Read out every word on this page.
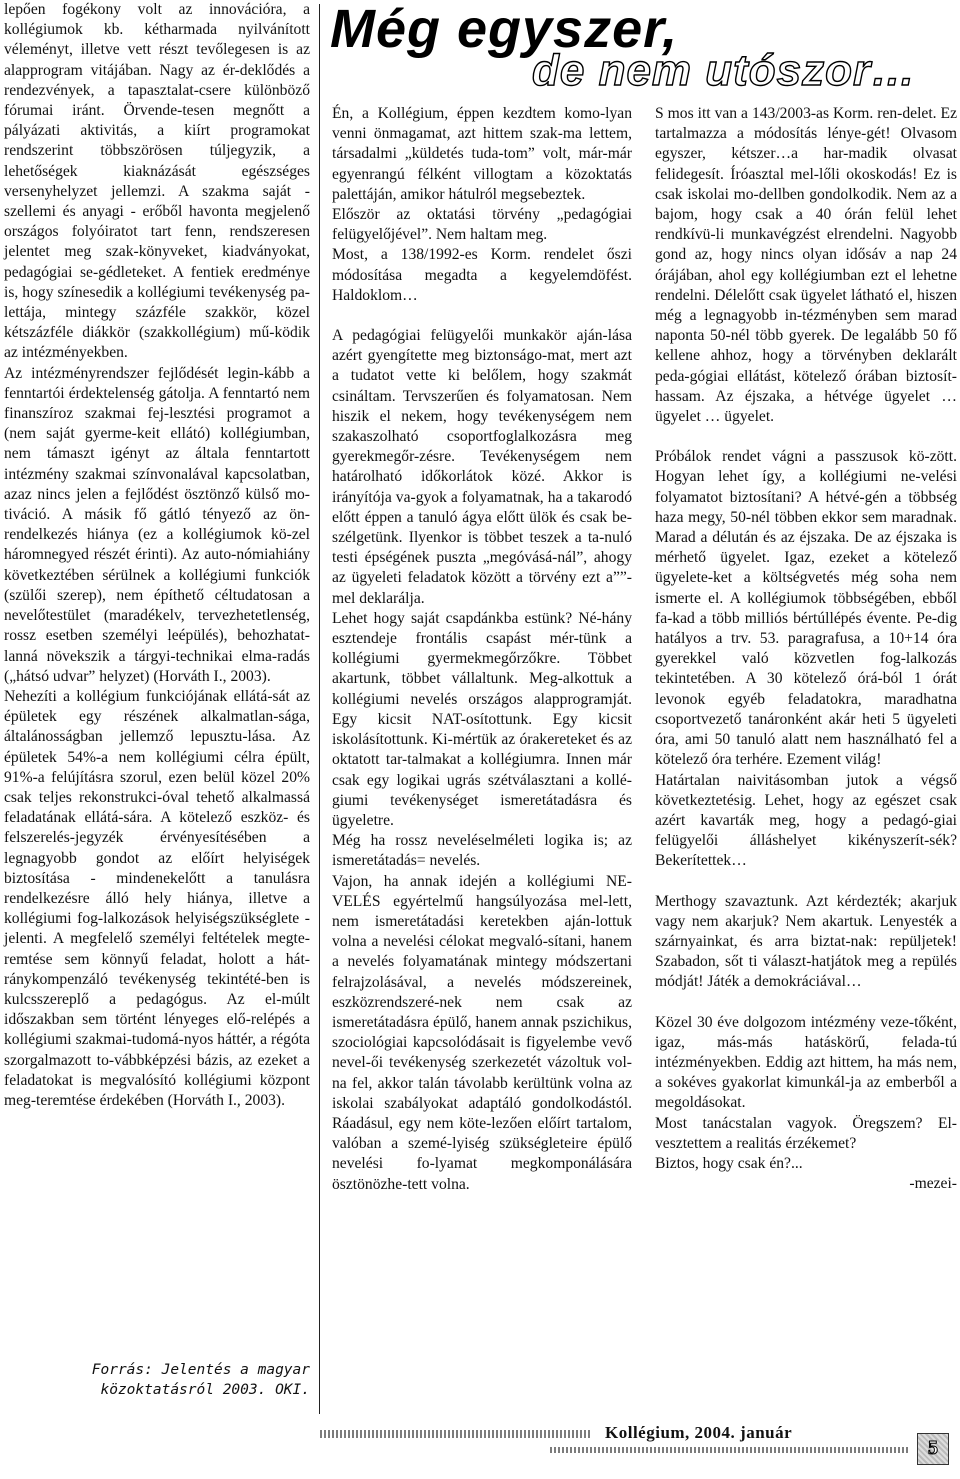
lepően fogékony volt az innovációra, a kollégiumok kb. kétharmada nyilvánított véleményt, illetve vett részt tevőlegesen is az alapprogram vitájában. Nagy az ér-deklődés a rendezvények, a tapasztalat-csere különböző fórumai iránt. Örvende-tesen megnőtt a pályázati aktivitás, a kiírt programokat rendszerint többszörösen túljegyzik, a lehetőségek kiaknázását egészséges versenyhelyzet jellemzi. A szakma saját - szellemi és anyagi - erőből havonta megjelenő országos folyóiratot tart fenn, rendszeresen jelentet meg szak-könyveket, kiadványokat, pedagógiai se-gédleteket. A fentiek eredménye is, hogy színesedik a kollégiumi tevékenység pa-lettája, mintegy százféle szakkör, közel kétszázféle diákkör (szakkollégium) mű-ködik az intézményekben.

Az intézményrendszer fejlődését legin-kább a fenntartói érdektelenség gátolja. A fenntartó nem finanszíroz szakmai fej-lesztési programot a (nem saját gyerme-keit ellátó) kollégiumban, nem támaszt igényt az általa fenntartott intézmény szakmai színvonalával kapcsolatban, azaz nincs jelen a fejlődést ösztönző külső mo-tiváció. A másik fő gátló tényező az ön-rendelkezés hiánya (ez a kollégiumok kö-zel háromnegyed részét érinti). Az auto-nómiahiány következtében sérülnek a kollégiumi funkciók (szülői szerep), nem építhető céltudatosan a nevelőtestület (maradékelv, tervezhetetlenség, rossz esetben személyi leépülés), behozhatat-lanná növekszik a tárgyi-technikai elma-radás („hátsó udvar” helyzet) (Horváth I., 2003).

Nehezíti a kollégium funkciójának ellátá-sát az épületek egy részének alkalmatlan-sága, általánosságban jellemző lepusztu-lása. Az épületek 54%-a nem kollégiumi célra épült, 91%-a felújításra szorul, ezen belül közel 20% csak teljes rekonstrukci-óval tehető alkalmassá feladatának ellátá-sára. A kötelező eszköz- és felszerelés-jegyzék érvényesítésében a legnagyobb gondot az előírt helyiségek biztosítása - mindenekelőtt a tanulásra rendelkezésre álló hely hiánya, illetve a kollégiumi fog-lalkozások helyiségszükséglete - jelenti. A megfelelő személyi feltételek megte-remtése sem könnyű feladat, holott a hát-ránykompenzáló tevékenység tekintété-ben is kulcsszereplő a pedagógus. Az el-múlt időszakban sem történt lényeges elő-relépés a kollégiumi szakmai-tudomá-nyos háttér, a régóta szorgalmazott to-vábbképzési bázis, az ezeket a feladatokat is megvalósító kollégiumi központ meg-teremtése érdekében (Horváth I., 2003).

Forrás: Jelentés a magyar közoktatásról 2003. OKI.
Még egyszer,
de nem utószor…

Én, a Kollégium, éppen kezdtem komo-lyan venni önmagamat, azt hittem szak-ma lettem, társadalmi „küldetés tuda-tom” volt, már-már egyenrangú félként villogtam a közoktatás palettáján, amikor hátulról megsebeztek.

Először az oktatási törvény „pedagógiai felügyelőjével”. Nem haltam meg.

Most, a 138/1992-es Korm. rendelet őszi módosítása megadta a kegyelemdöfést. Haldoklom…

A pedagógiai felügyelői munkakör aján-lása azért gyengítette meg biztonságo-mat, mert azt a tudatot vette ki belőlem, hogy szakmát csináltam. Tervszerűen és folyamatosan. Nem hiszik el nekem, hogy tevékenységem nem szakaszolható csoportfoglalkozásra meg gyerekmegőr-zésre. Tevékenységem nem határolható időkorlátok közé. Akkor is irányítója va-gyok a folyamatnak, ha a takarodó előtt éppen a tanuló ágya előtt ülök és csak be-szélgetünk. Ilyenkor is többet teszek a ta-nuló testi épségének puszta „megóvásá-nál”, ahogy az ügyeleti feladatok között a törvény ezt a””-mel deklarálja.

Lehet hogy saját csapdánkba estünk? Né-hány esztendeje frontális csapást mér-tünk a kollégiumi gyermekmegőrzőkre. Többet akartunk, többet vállaltunk. Meg-alkottuk a kollégiumi nevelés országos alapprogramját. Egy kicsit NAT-osítottunk. Egy kicsit iskolásítottunk. Ki-mértük az órakereteket és az oktatott tar-talmakat a kollégiumra. Innen már csak egy logikai ugrás szétválasztani a kollé-giumi tevékenységet ismeretátadásra és ügyeletre.

Még ha rossz neveléselméleti logika is; az ismeretátadás= nevelés.

Vajon, ha annak idején a kollégiumi NE-VELÉS egyértelmű hangsúlyozása mel-lett, nem ismeretátadási keretekben aján-lottuk volna a nevelési célokat megvaló-sítani, hanem a nevelés folyamatának mintegy módszertani felrajzolásával, a nevelés módszereinek, eszközrendszeré-nek nem csak az ismeretátadásra épülő, hanem annak pszichikus, szociológiai kapcsolódásait is figyelembe vevő nevel-ői tevékenység szerkezetét vázoltuk vol-na fel, akkor talán távolabb kerültünk volna az iskolai szabályokat adaptáló gondolkodástól. Ráadásul, egy nem köte-lezően előírt tartalom, valóban a szemé-lyiség szükségleteire épülő nevelési fo-lyamat megkomponálására ösztönözhe-tett volna.

S mos itt van a 143/2003-as Korm. ren-delet. Ez tartalmazza a módosítás lénye-gét! Olvasom egyszer, kétszer…a har-madik olvasat felidegesít. Íróasztal mel-lőli okoskodás! Ez is csak iskolai mo-dellben gondolkodik. Nem az a bajom, hogy csak a 40 órán felül lehet rendkívü-li munkavégzést elrendelni. Nagyobb gond az, hogy nincs olyan idősáv a nap 24 órájában, ahol egy kollégiumban ezt el lehetne rendelni. Délelőtt csak ügyelet látható el, hiszen még a legnagyobb in-tézményben sem marad naponta 50-nél több gyerek. De legalább 50 fő kellene ahhoz, hogy a törvényben deklarált peda-gógiai ellátást, kötelező órában biztosít-hassam. Az éjszaka, a hétvége ügyelet … ügyelet … ügyelet.

Próbálok rendet vágni a passzusok kö-zött. Hogyan lehet így, a kollégiumi ne-velési folyamatot biztosítani? A hétvé-gén a többség haza megy, 50-nél többen ekkor sem maradnak. Marad a délután és az éjszaka. De az éjszaka is mérhető ügyelet. Igaz, ezeket a kötelező ügyelete-ket a költségvetés még soha nem ismerte el. A kollégiumok többségében, ebből fa-kad a több milliós bértúllépés évente. Pe-dig hatályos a trv. 53. paragrafusa, a 10+14 óra gyerekkel való közvetlen fog-lalkozás tekintetében. A 30 kötelező órá-ból 1 órát levonok egyéb feladatokra, maradhatna csoportvezető tanáronként akár heti 5 ügyeleti óra, ami 50 tanuló alatt nem használható fel a kötelező óra terhére. Ezement világ!

Határtalan naivitásomban jutok a végső következtetésig. Lehet, hogy az egészet csak azért kavarták meg, hogy a pedagó-giai felügyelői álláshelyet kikényszerít-sék? Bekerítettek…

Merthogy szavaztunk. Azt kérdezték; akarjuk vagy nem akarjuk? Nem akartuk. Lenyesték a szárnyainkat, és arra biztat-nak: repüljetek! Szabadon, sőt ti választ-hatjátok meg a repülés módját! Játék a demokráciával…

Közel 30 éve dolgozom intézmény veze-tőként, igaz, más-más hatáskörű, felada-tú intézményekben. Eddig azt hittem, ha más nem, a sokéves gyakorlat kimunkál-ja az emberből a megoldásokat.

Most tanácstalan vagyok. Öregszem? El-vesztettem a realitás érzékemet?

Biztos, hogy csak én?...

-mezei-

Kollégium, 2004. január
5
